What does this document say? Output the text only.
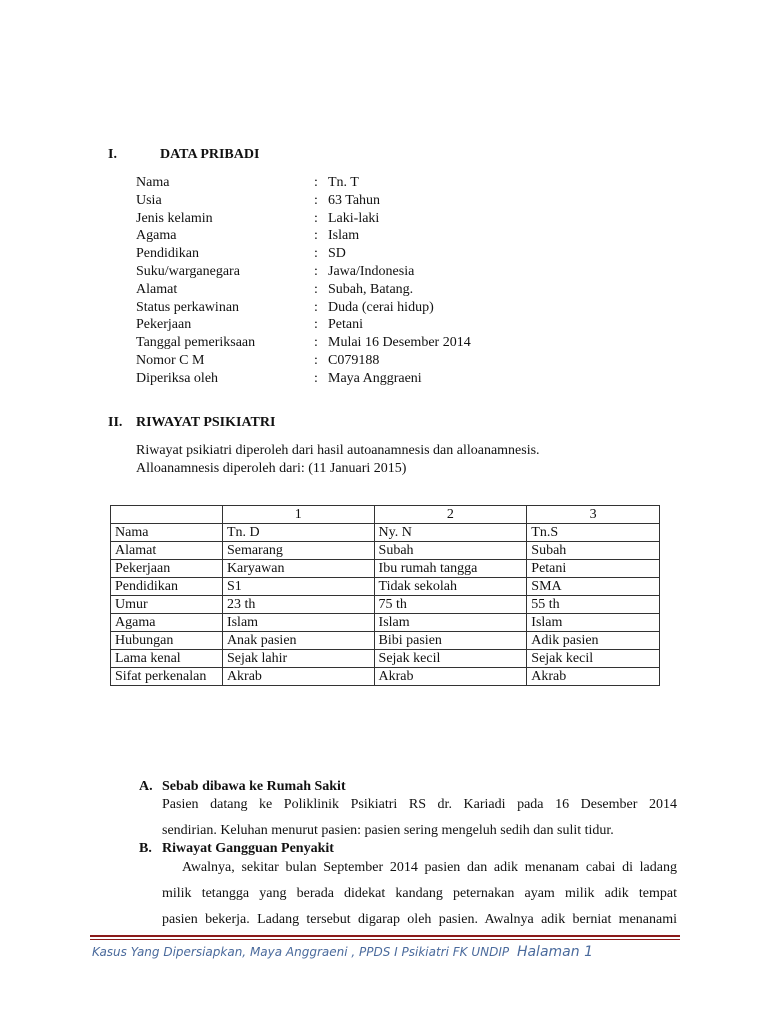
I.	DATA PRIBADI
Nama	: Tn. T
Usia	: 63 Tahun
Jenis kelamin	: Laki-laki
Agama	: Islam
Pendidikan	: SD
Suku/warganegara	: Jawa/Indonesia
Alamat	: Subah, Batang.
Status perkawinan	: Duda (cerai hidup)
Pekerjaan	: Petani
Tanggal pemeriksaan	: Mulai 16 Desember 2014
Nomor C M	: C079188
Diperiksa oleh	: Maya Anggraeni
II. RIWAYAT PSIKIATRI
Riwayat psikiatri diperoleh dari hasil autoanamnesis dan alloanamnesis.
Alloanamnesis diperoleh dari: (11 Januari 2015)
	1	2	3
Nama	Tn. D	Ny. N	Tn.S
Alamat	Semarang	Subah	Subah
Pekerjaan	Karyawan	Ibu rumah tangga	Petani
Pendidikan	S1	Tidak sekolah	SMA
Umur	23 th	75 th	55 th
Agama	Islam	Islam	Islam
Hubungan	Anak pasien	Bibi pasien	Adik pasien
Lama kenal	Sejak lahir	Sejak kecil	Sejak kecil
Sifat perkenalan	Akrab	Akrab	Akrab
A. Sebab dibawa ke Rumah Sakit
Pasien datang ke Poliklinik Psikiatri RS dr. Kariadi pada 16 Desember 2014
sendirian. Keluhan menurut pasien: pasien sering mengeluh sedih dan sulit tidur.
B. Riwayat Gangguan Penyakit
Awalnya, sekitar bulan September 2014 pasien dan adik menanam cabai di ladang
milik tetangga yang berada didekat kandang peternakan ayam milik adik tempat
pasien bekerja. Ladang tersebut digarap oleh pasien. Awalnya adik berniat menanami
Kasus Yang Dipersiapkan, Maya Anggraeni , PPDS I Psikiatri FK UNDIP Halaman 1
